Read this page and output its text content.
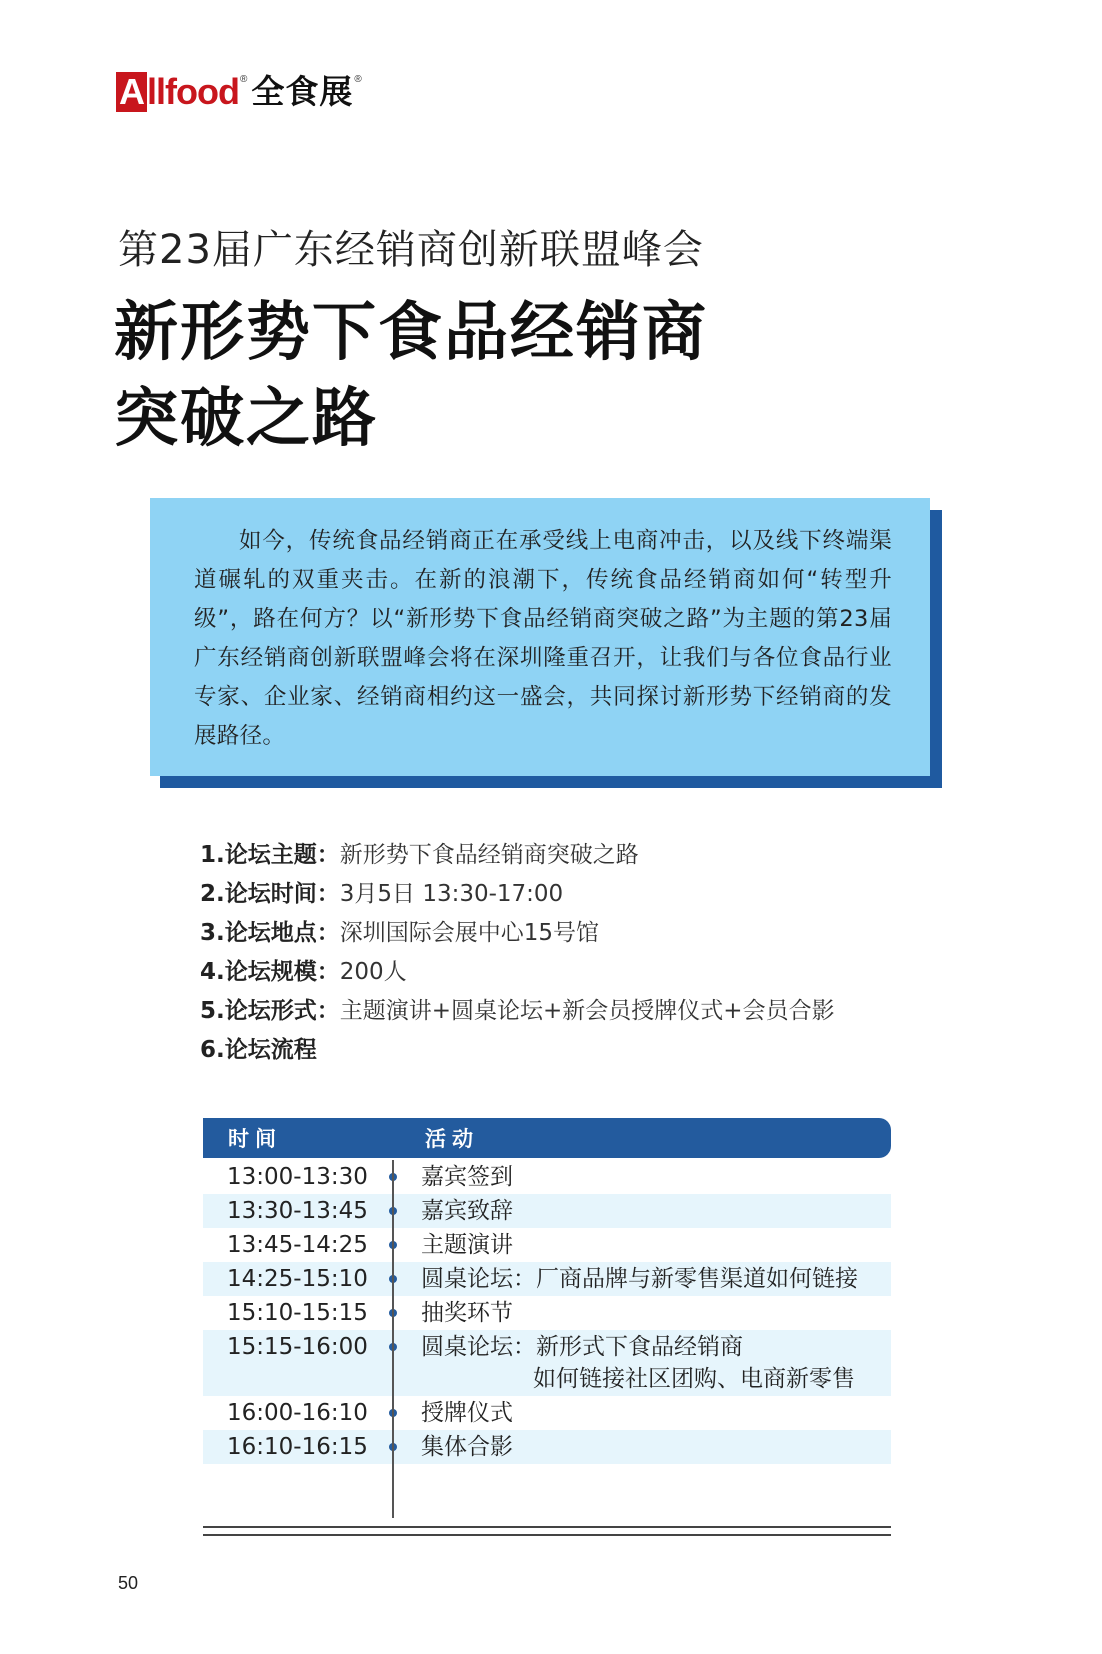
A llfood ® 全食展 ®
第23届广东经销商创新联盟峰会
新形势下食品经销商
突破之路

如今，传统食品经销商正在承受线上电商冲击，以及线下终端渠道碾轧的双重夹击。在新的浪潮下，传统食品经销商如何“转型升级”，路在何方？以“新形势下食品经销商突破之路”为主题的第23届广东经销商创新联盟峰会将在深圳隆重召开，让我们与各位食品行业专家、企业家、经销商相约这一盛会，共同探讨新形势下经销商的发展路径。

1.论坛主题：新形势下食品经销商突破之路
2.论坛时间：3月5日 13:30-17:00
3.论坛地点：深圳国际会展中心15号馆
4.论坛规模：200人
5.论坛形式：主题演讲+圆桌论坛+新会员授牌仪式+会员合影
6.论坛流程
时间	活动
13:00-13:30 嘉宾签到
13:30-13:45 嘉宾致辞
13:45-14:25 主题演讲
14:25-15:10 圆桌论坛：厂商品牌与新零售渠道如何链接
15:10-15:15 抽奖环节
15:15-16:00 圆桌论坛：新形式下食品经销商
如何链接社区团购、电商新零售
16:00-16:10 授牌仪式
16:10-16:15 集体合影
50
